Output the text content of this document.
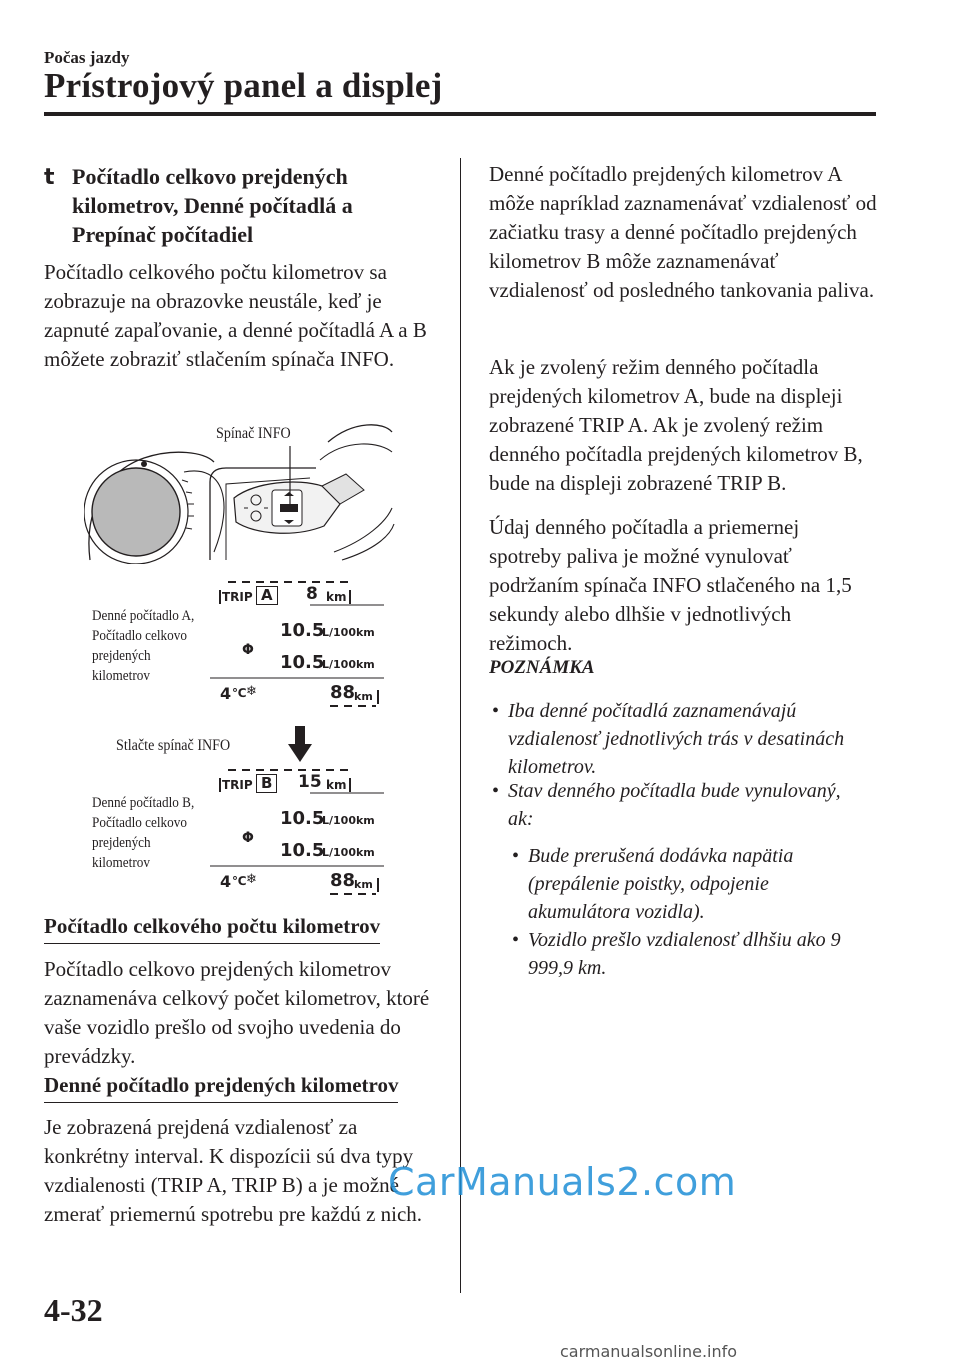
Počas jazdy
Prístrojový panel a displej
t Počítadlo celkovo prejdených kilometrov, Denné počítadlá a Prepínač počítadiel
Počítadlo celkového počtu kilometrov sa zobrazuje na obrazovke neustále, keď je zapnuté zapaľovanie, a denné počítadlá A a B môžete zobraziť stlačením spínača INFO.
Spínač INFO
Denné počítadlo A,
Počítadlo celkovo
prejdených
kilometrov
TRIP A 8 km
10.5
L/100km
Φ
10.5
L/100km
4 ℃ ❄	88
km
Stlačte spínač INFO
Denné počítadlo B,
Počítadlo celkovo
prejdených
kilometrov
TRIP B 15 km
10.5
L/100km
Φ
10.5
L/100km
4 ℃ ❄	88
km
Počítadlo celkového počtu kilometrov
Počítadlo celkovo prejdených kilometrov zaznamenáva celkový počet kilometrov, ktoré vaše vozidlo prešlo od svojho uvedenia do prevádzky.
Denné počítadlo prejdených kilometrov
Je zobrazená prejdená vzdialenosť za konkrétny interval. K dispozícii sú dva typy vzdialenosti (TRIP A, TRIP B) a je možné zmerať priemernú spotrebu pre každú z nich.
Denné počítadlo prejdených kilometrov A môže napríklad zaznamenávať vzdialenosť od začiatku trasy a denné počítadlo prejdených kilometrov B môže zaznamenávať vzdialenosť od posledného tankovania paliva.
Ak je zvolený režim denného počítadla prejdených kilometrov A, bude na displeji zobrazené TRIP A. Ak je zvolený režim denného počítadla prejdených kilometrov B, bude na displeji zobrazené TRIP B.
Údaj denného počítadla a priemernej spotreby paliva je možné vynulovať podržaním spínača INFO stlačeného na 1,5 sekundy alebo dlhšie v jednotlivých režimoch.
POZNÁMKA
• Iba denné počítadlá zaznamenávajú vzdialenosť jednotlivých trás v desatinách kilometrov.
• Stav denného počítadla bude vynulovaný, ak:
• Bude prerušená dodávka napätia (prepálenie poistky, odpojenie akumulátora vozidla).
• Vozidlo prešlo vzdialenosť dlhšiu ako 9 999,9 km.
CarManuals2.com
4-32
carmanualsonline.info
